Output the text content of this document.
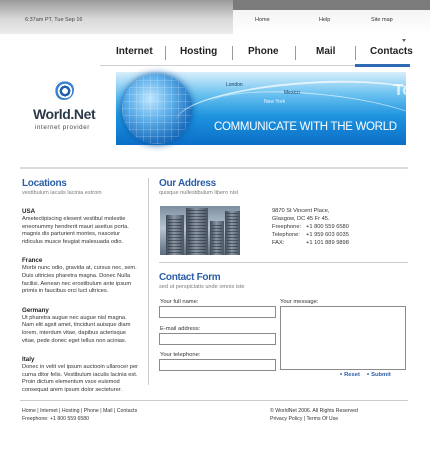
6:37am PT, Tue Sep 16	Home	Help	Site map
Internet	Hosting	Phone	Mail	Contacts
World.Net
internet provider
London
Mexico
New York
To
COMMUNICATE WITH THE WORLD
Locations
vestibulum iaculis lacinia estroin
USA

Ametectipiscing elesent vestibul molestie eneonummy hendrerit mauri aseitus porta. magnis dis parturient montes, nascetur ridiculus musce feugiat malesuada odio.

France

Morbi nunc odio, gravida at, cursus nec, sem. Duis ultricies pharetra magna. Donec Nulla facilisi. Aenean nec erostibulum ante ipsum primis in faucibus orci luct ultrices.

Germany

Ut pharetra augue nec augue nisl magna. Nam elit agsit amet, tincidunt auisque diam lorem, interdum vitae, dapibus acterisque vitae, pede donec eget tellus non acinias.

Italy

Donec in velit vel ipsum auctooin ullarocer per curna ditor felis. Vestibulum iaculis lacinia est. Proin dictum elementum vsce euismod consequat arem ipsum dolor secteturer.

Our Address
quisque nullestibulum libero nisl
9870 St Vincent Place,
Glasgow, DC 45 Fr 45.
Freephone: +1 800 559 6580
Telephone:	+1 959 603 6035
FAX:	+1 101 889 9898
Contact Form
sed ut perspiciatis unde omnis iste
Your full name:
E-mail address:
Your telephone:
Your message:
• Reset • Submit
Home | Internet | Hosting | Phone | Mail | Contacts
Freephone: +1 800 559 6580
© WorldNet 2006. All Rights Reserved
Privacy Policy | Terms Of Use
